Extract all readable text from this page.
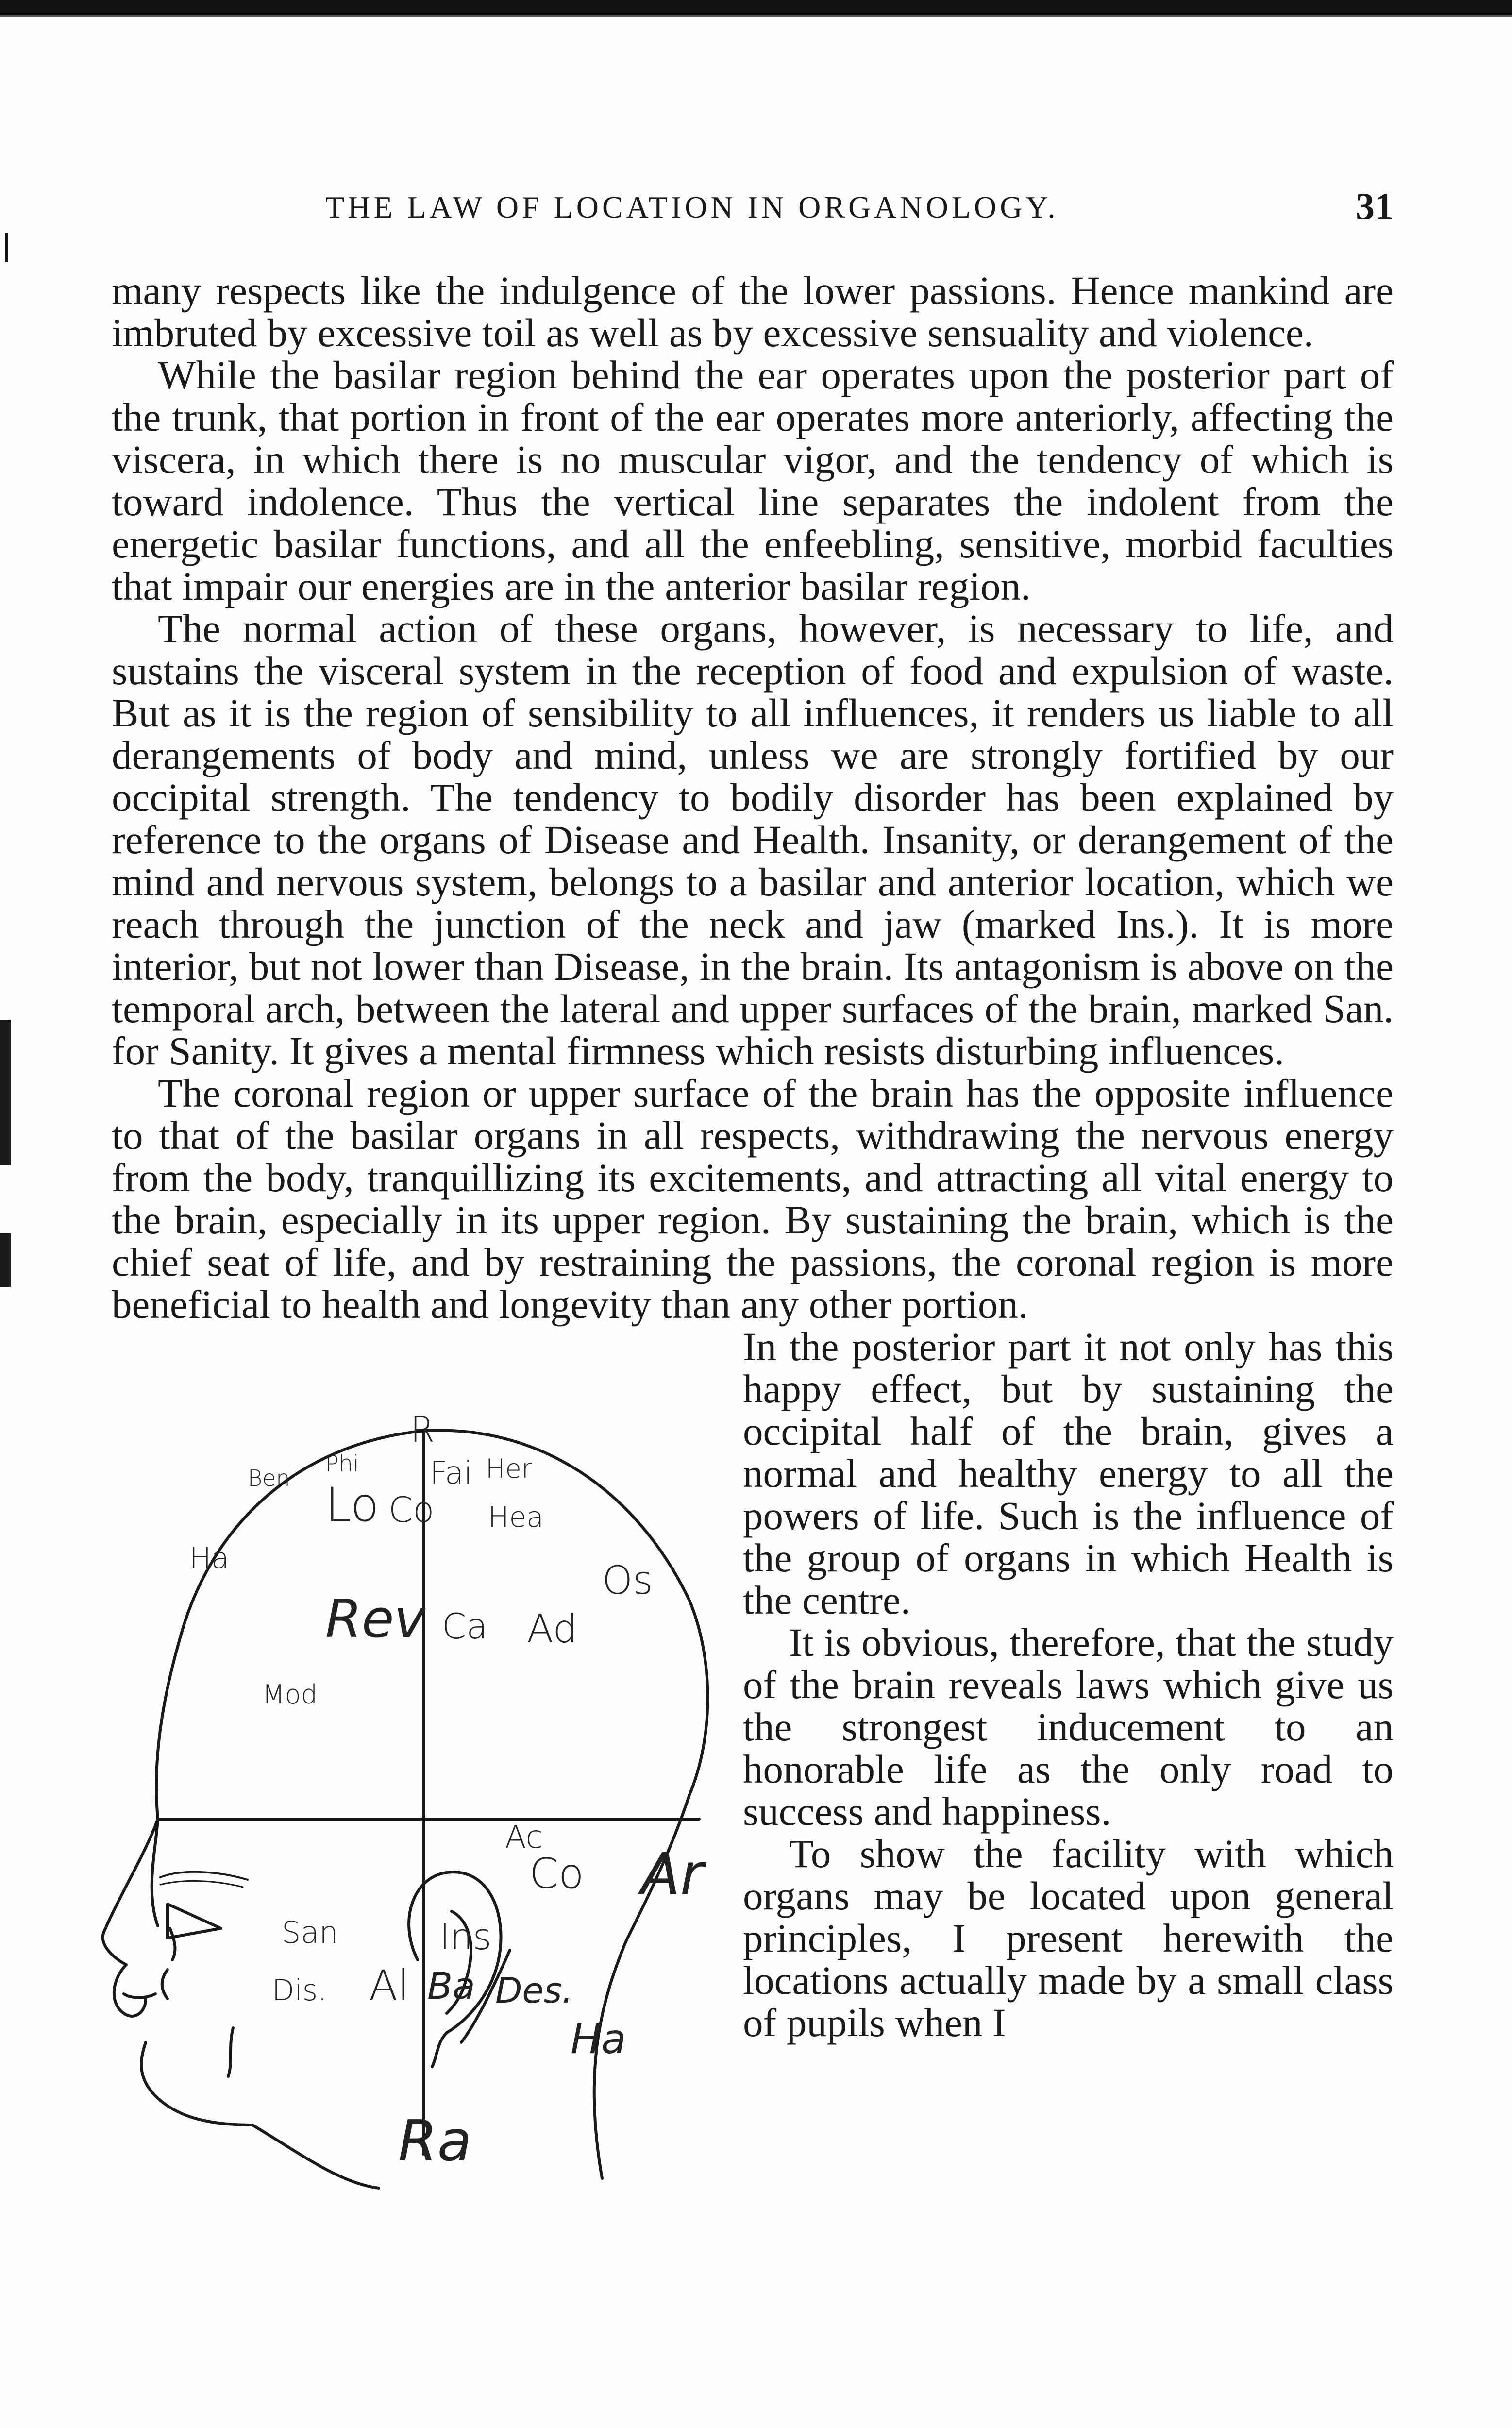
THE LAW OF LOCATION IN ORGANOLOGY.	31

many respects like the indulgence of the lower passions. Hence mankind are imbruted by excessive toil as well as by excessive sensuality and violence.

While the basilar region behind the ear operates upon the posterior part of the trunk, that portion in front of the ear operates more anteriorly, affecting the viscera, in which there is no muscular vigor, and the tendency of which is toward indolence. Thus the vertical line separates the indolent from the energetic basilar functions, and all the enfeebling, sensitive, morbid faculties that impair our energies are in the anterior basilar region.

The normal action of these organs, however, is necessary to life, and sustains the visceral system in the reception of food and expulsion of waste. But as it is the region of sensibility to all influences, it renders us liable to all derangements of body and mind, unless we are strongly fortified by our occipital strength. The tendency to bodily disorder has been explained by reference to the organs of Disease and Health. Insanity, or derangement of the mind and nervous system, belongs to a basilar and anterior location, which we reach through the junction of the neck and jaw (marked Ins.). It is more interior, but not lower than Disease, in the brain. Its antagonism is above on the temporal arch, between the lateral and upper surfaces of the brain, marked San. for Sanity. It gives a mental firmness which resists disturbing influences.

The coronal region or upper surface of the brain has the opposite influence to that of the basilar organs in all respects, withdrawing the nervous energy from the body, tranquillizing its excitements, and attracting all vital energy to the brain, especially in its upper region. By sustaining the brain, which is the chief seat of life, and by restraining the passions, the coronal region is more beneficial to health and longevity than any other portion.

R
Ben
Phi Fai Her
Lo Co Hea
Ha	Os
Rev Ca Ad
Mod
Ac
Co Ar
San	Ins
Dis. Al Ba Des.
Ha
Ra

In the posterior part it not only has this happy effect, but by sustaining the occipital half of the brain, gives a normal and healthy energy to all the powers of life. Such is the influence of the group of organs in which Health is the centre.

It is obvious, therefore, that the study of the brain reveals laws which give us the strongest inducement to an honorable life as the only road to success and happiness.

To show the facility with which organs may be located upon general principles, I present herewith the locations actually made by a small class of pupils when I
